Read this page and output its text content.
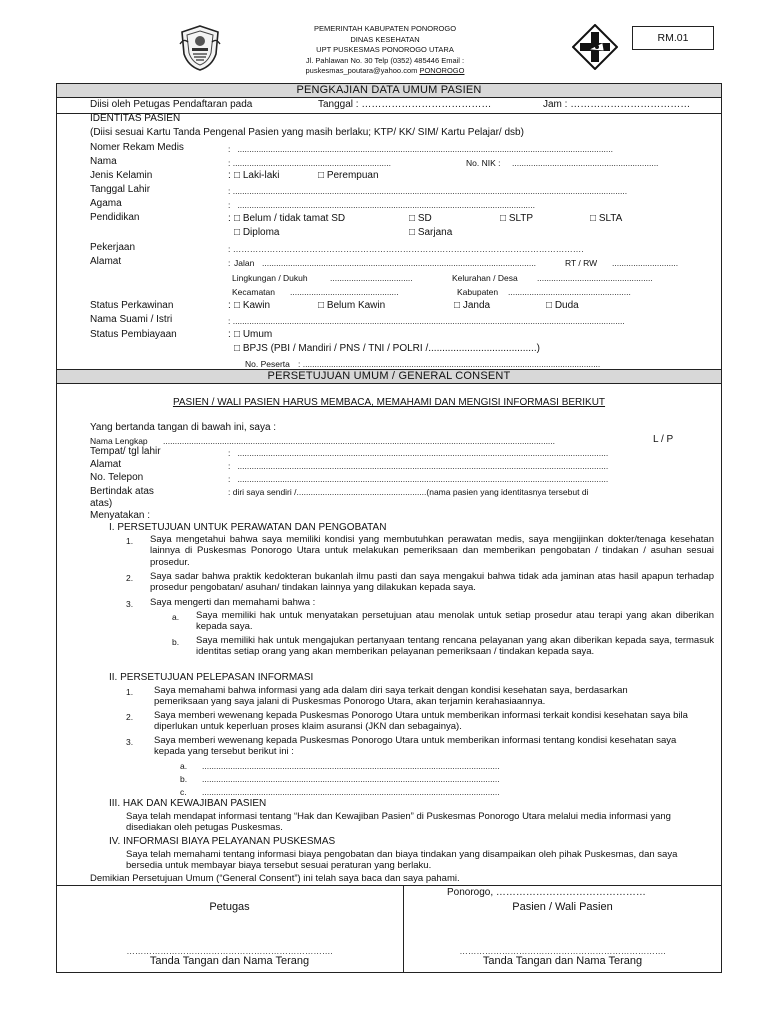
PEMERINTAH KABUPATEN PONOROGO
DINAS KESEHATAN
UPT PUSKESMAS PONOROGO UTARA
Jl. Pahlawan No. 30 Telp (0352) 485446 Email :
puskesmas_poutara@yahoo.com PONOROGO
RM.01
PENGKAJIAN DATA UMUM PASIEN
PERSETUJUAN UMUM / GENERAL CONSENT
Diisi oleh Petugas Pendaftaran pada	Tanggal : …………………………………	Jam : ………………………………
IDENTITAS PASIEN
(Diisi sesuai Kartu Tanda Pengenal Pasien yang masih berlaku; KTP/ KK/ SIM/ Kartu Pelajar/ dsb)
Nomer Rekam Medis	:   ...............................................................................................................................................................
Nama	: ...................................................................	No. NIK : ..............................................................
Jenis Kelamin	: □ Laki-laki	□ Perempuan
Tanggal Lahir	: .......................................................................................................................................................................
Agama	:   ..............................................................................................................................
Pendidikan	: □ Belum / tidak tamat SD	□ SD	□ SLTP	□ SLTA
□ Diploma	□ Sarjana
Pekerjaan	: …………………………………………………………………………………………………………….
Alamat	: Jalan ....................................................................................................................	RT / RW ............................
Lingkungan / Dukuh	...................................	Kelurahan / Desa .................................................
Kecamatan ..............................................	Kabupaten ....................................................
Status Perkawinan	: □ Kawin	□ Belum Kawin	□ Janda	□ Duda
Nama Suami / Istri	: ......................................................................................................................................................................
Status Pembiayaan	: □ Umum
□ BPJS (PBI / Mandiri / PNS / TNI / POLRI /.......................................)
No. Peserta : ..............................................................................................................................
PASIEN / WALI PASIEN HARUS MEMBACA, MEMAHAMI DAN MENGISI INFORMASI BERIKUT
Yang bertanda tangan di bawah ini, saya :
Nama Lengkap ......................................................................................................................................................................	L / P
Tempat/ tgl lahir	:   .............................................................................................................................................................
Alamat	:   .............................................................................................................................................................
No. Telepon	:   .............................................................................................................................................................
Bertindak atas	: diri saya sendiri /.......................................................(nama pasien yang identitasnya tersebut di
atas)
Menyatakan :
I. PERSETUJUAN UNTUK PERAWATAN DAN PENGOBATAN
1. Saya mengetahui bahwa saya memiliki kondisi yang membutuhkan perawatan medis, saya mengijinkan dokter/tenaga kesehatan lainnya di Puskesmas Ponorogo Utara untuk melakukan pemeriksaan dan memberikan pengobatan / tindakan / asuhan sesuai prosedur.
2. Saya sadar bahwa praktik kedokteran bukanlah ilmu pasti dan saya mengakui bahwa tidak ada jaminan atas hasil apapun terhadap prosedur pengobatan/ asuhan/ tindakan lainnya yang dilakukan kepada saya.
3. Saya mengerti dan memahami bahwa :
a. Saya memiliki hak untuk menyatakan persetujuan atau menolak untuk setiap prosedur atau terapi yang akan diberikan kepada saya.
b. Saya memiliki hak untuk mengajukan pertanyaan tentang rencana pelayanan yang akan diberikan kepada saya, termasuk identitas setiap orang yang akan memberikan pelayanan pemeriksaan / tindakan kepada saya.
II. PERSETUJUAN PELEPASAN INFORMASI
1. Saya memahami bahwa informasi yang ada dalam diri saya terkait dengan kondisi kesehatan saya, berdasarkan pemeriksaan yang saya jalani di Puskesmas Ponorogo Utara, akan terjamin kerahasiaannya.
2. Saya memberi wewenang kepada Puskesmas Ponorogo Utara untuk memberikan informasi terkait kondisi kesehatan saya bila diperlukan untuk keperluan proses klaim asuransi (JKN dan sebagainya).
3. Saya memberi wewenang kepada Puskesmas Ponorogo Utara untuk memberikan informasi tentang kondisi kesehatan saya kepada yang tersebut berikut ini :
a. ..............................................................................................................................
b. ..............................................................................................................................
c. ..............................................................................................................................
III. HAK DAN KEWAJIBAN PASIEN
Saya telah mendapat informasi tentang “Hak dan Kewajiban Pasien” di Puskesmas Ponorogo Utara melalui media informasi yang disediakan oleh petugas Puskesmas.
IV. INFORMASI BIAYA PELAYANAN PUSKESMAS
Saya telah memahami tentang informasi biaya pengobatan dan biaya tindakan yang disampaikan oleh pihak Puskesmas, dan saya bersedia untuk membayar biaya tersebut sesuai peraturan yang berlaku.
Demikian Persetujuan Umum (“General Consent”) ini telah saya baca dan saya pahami.
Ponorogo, ………………………………………
Petugas	Pasien / Wali Pasien
……………………………………………………………….	……………………………………………………………….
Tanda Tangan dan Nama Terang	Tanda Tangan dan Nama Terang
